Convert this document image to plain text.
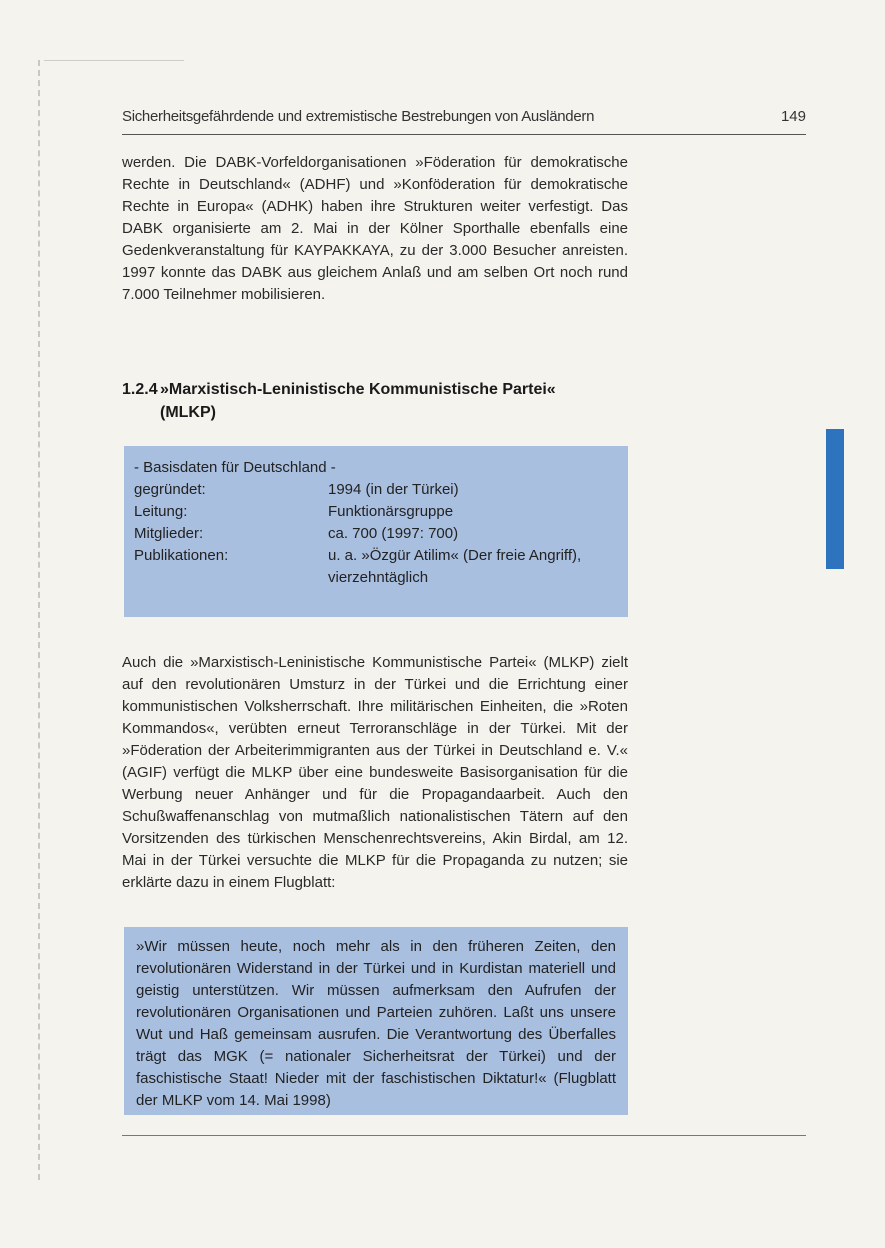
Sicherheitsgefährdende und extremistische Bestrebungen von Ausländern	149
werden. Die DABK-Vorfeldorganisationen »Föderation für demokratische Rechte in Deutschland« (ADHF) und »Konföderation für demokratische Rechte in Europa« (ADHK) haben ihre Strukturen weiter verfestigt. Das DABK organisierte am 2. Mai in der Kölner Sporthalle ebenfalls eine Gedenkveranstaltung für KAYPAKKAYA, zu der 3.000 Besucher anreisten. 1997 konnte das DABK aus gleichem Anlaß und am selben Ort noch rund 7.000 Teilnehmer mobilisieren.
1.2.4 »Marxistisch-Leninistische Kommunistische Partei«
(MLKP)
- Basisdaten für Deutschland -
gegründet:	1994 (in der Türkei)
Leitung:	Funktionärsgruppe
Mitglieder:	ca. 700 (1997: 700)
Publikationen:	u. a. »Özgür Atilim« (Der freie Angriff), vierzehntäglich
Auch die »Marxistisch-Leninistische Kommunistische Partei« (MLKP) zielt auf den revolutionären Umsturz in der Türkei und die Errichtung einer kommunistischen Volksherrschaft. Ihre militärischen Einheiten, die »Roten Kommandos«, verübten erneut Terroranschläge in der Türkei. Mit der »Föderation der Arbeiterimmigranten aus der Türkei in Deutschland e. V.« (AGIF) verfügt die MLKP über eine bundesweite Basisorganisation für die Werbung neuer Anhänger und für die Propagandaarbeit. Auch den Schußwaffenanschlag von mutmaßlich nationalistischen Tätern auf den Vorsitzenden des türkischen Menschenrechtsvereins, Akin Birdal, am 12. Mai in der Türkei versuchte die MLKP für die Propaganda zu nutzen; sie erklärte dazu in einem Flugblatt:
»Wir müssen heute, noch mehr als in den früheren Zeiten, den revolutionären Widerstand in der Türkei und in Kurdistan materiell und geistig unterstützen. Wir müssen aufmerksam den Aufrufen der revolutionären Organisationen und Parteien zuhören. Laßt uns unsere Wut und Haß gemeinsam ausrufen. Die Verantwortung des Überfalles trägt das MGK (= nationaler Sicherheitsrat der Türkei) und der faschistische Staat! Nieder mit der faschistischen Diktatur!« (Flugblatt der MLKP vom 14. Mai 1998)
